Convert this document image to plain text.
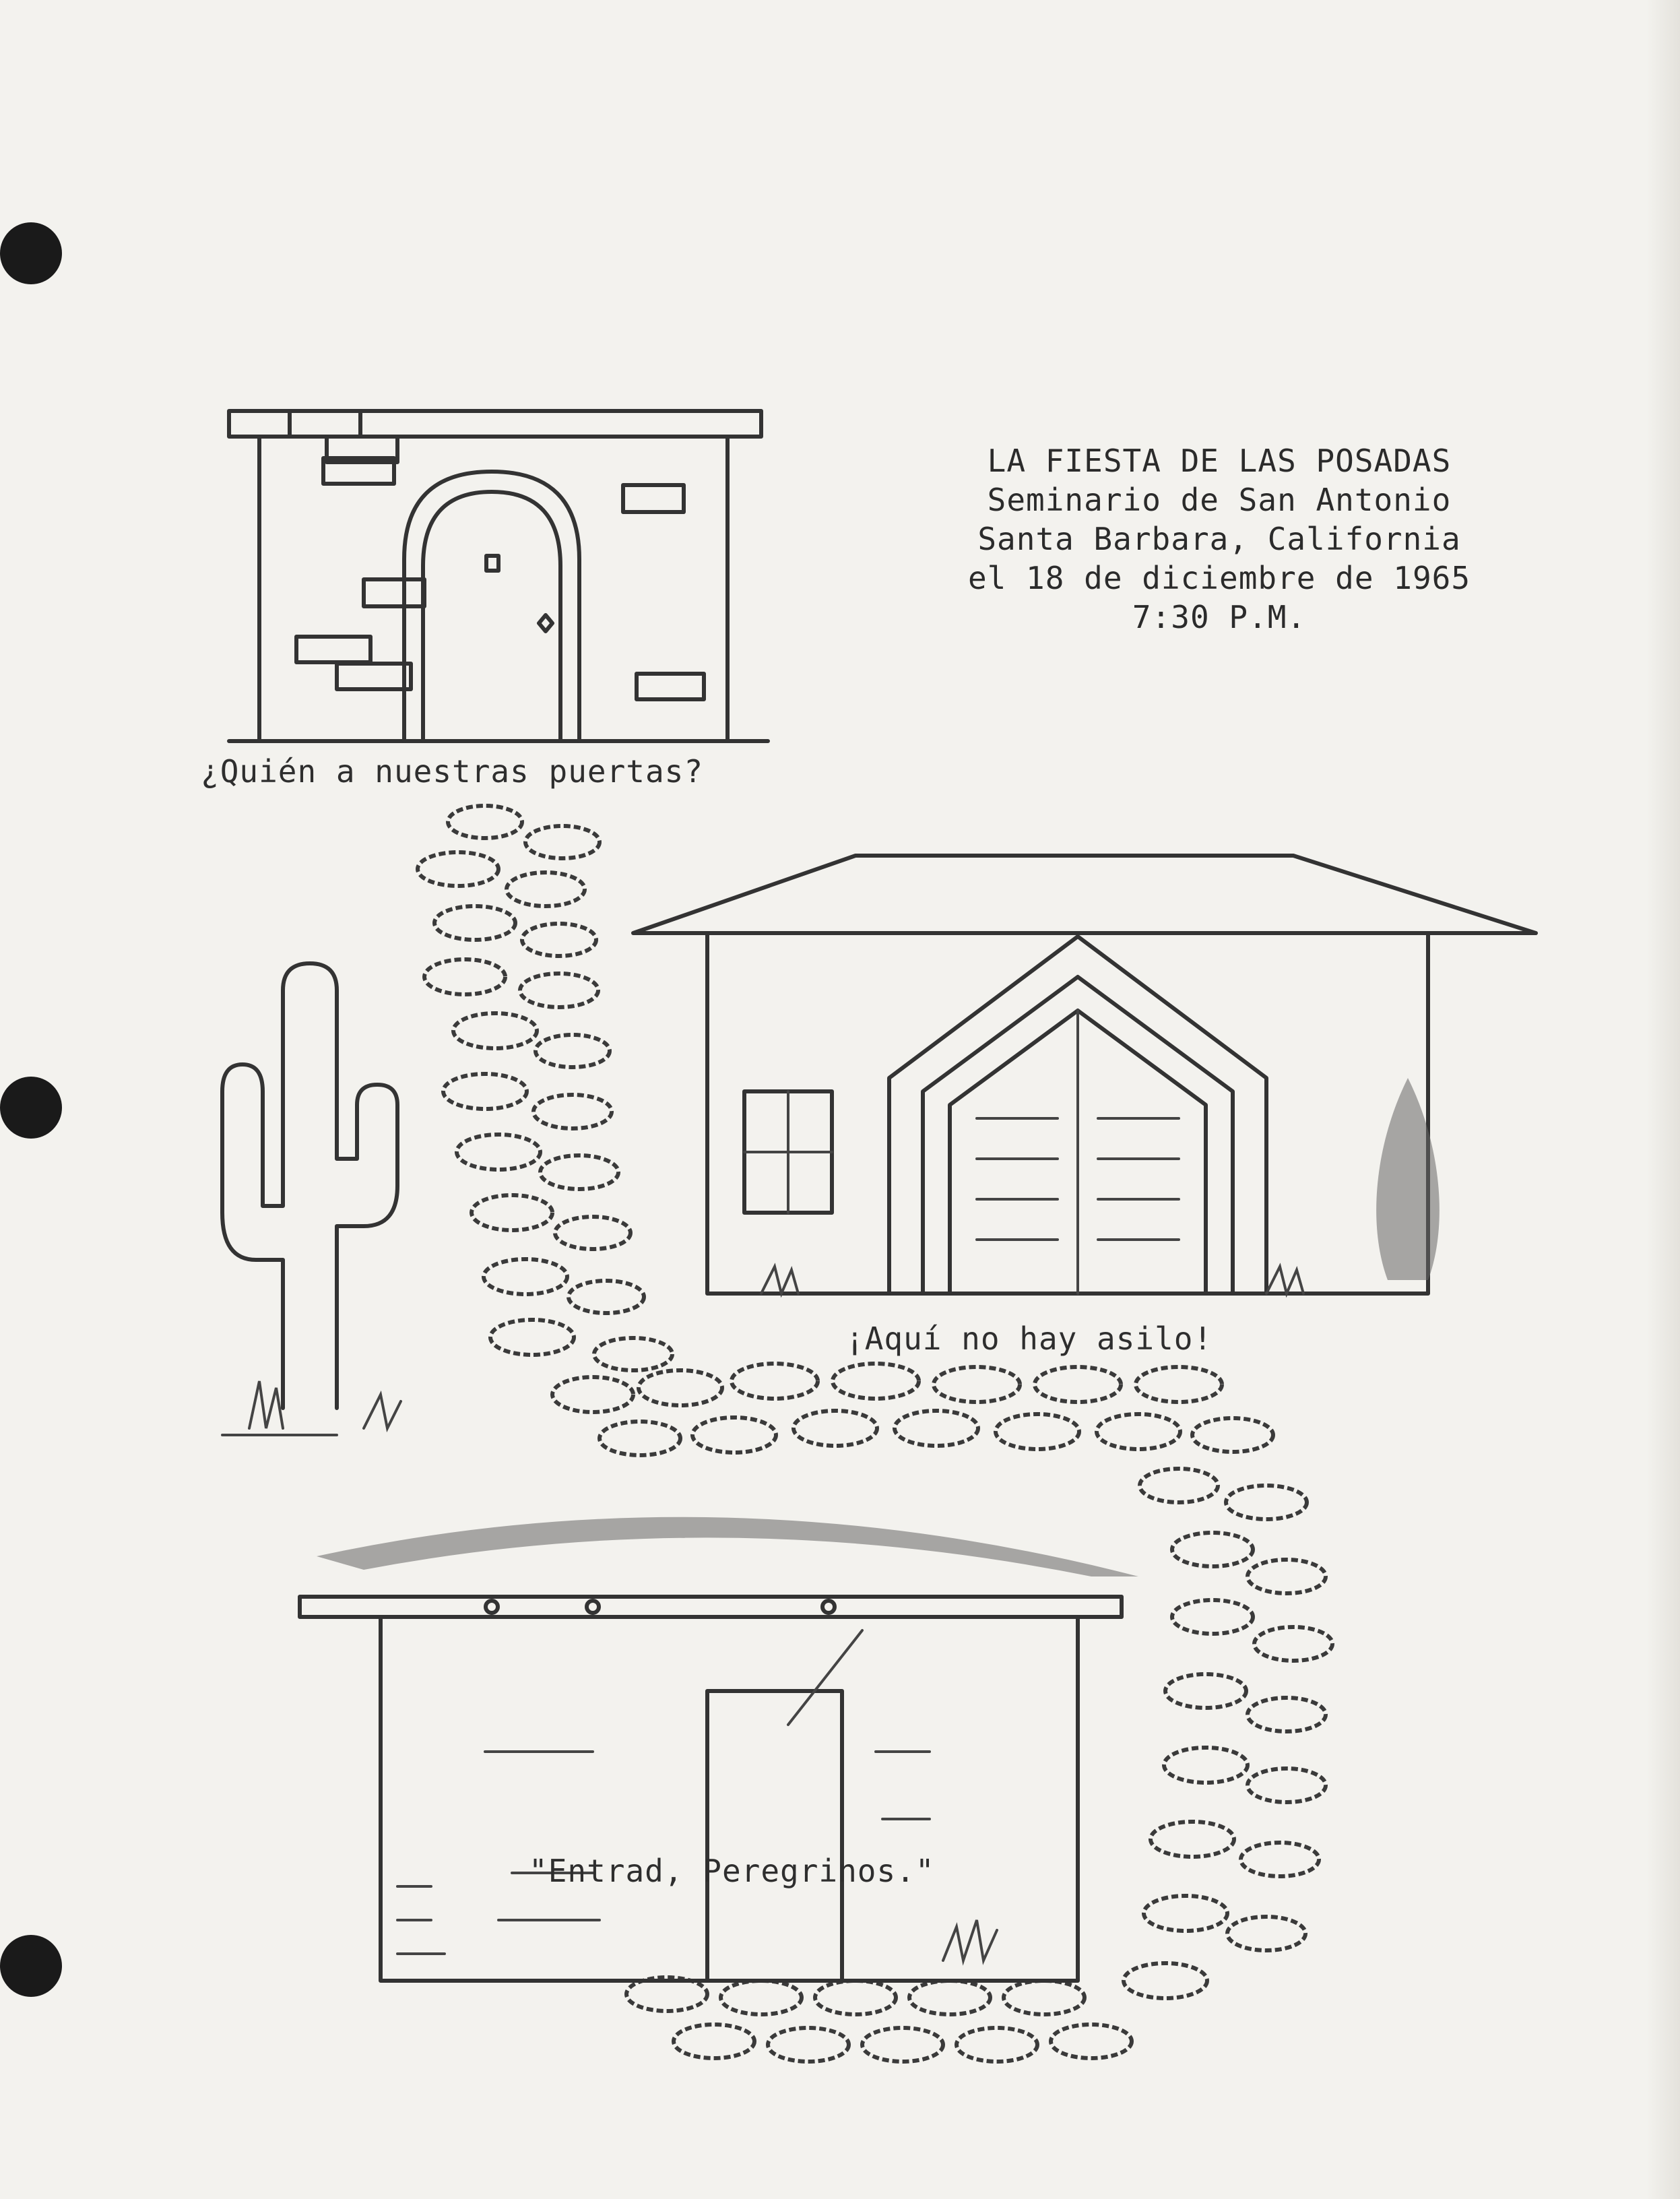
LA FIESTA DE LAS POSADAS
Seminario de San Antonio
Santa Barbara, California
el 18 de diciembre de 1965
7:30 P.M.
¿Quién a nuestras puertas?
¡Aquí no hay asilo!
"Entrad, Peregrinos."
